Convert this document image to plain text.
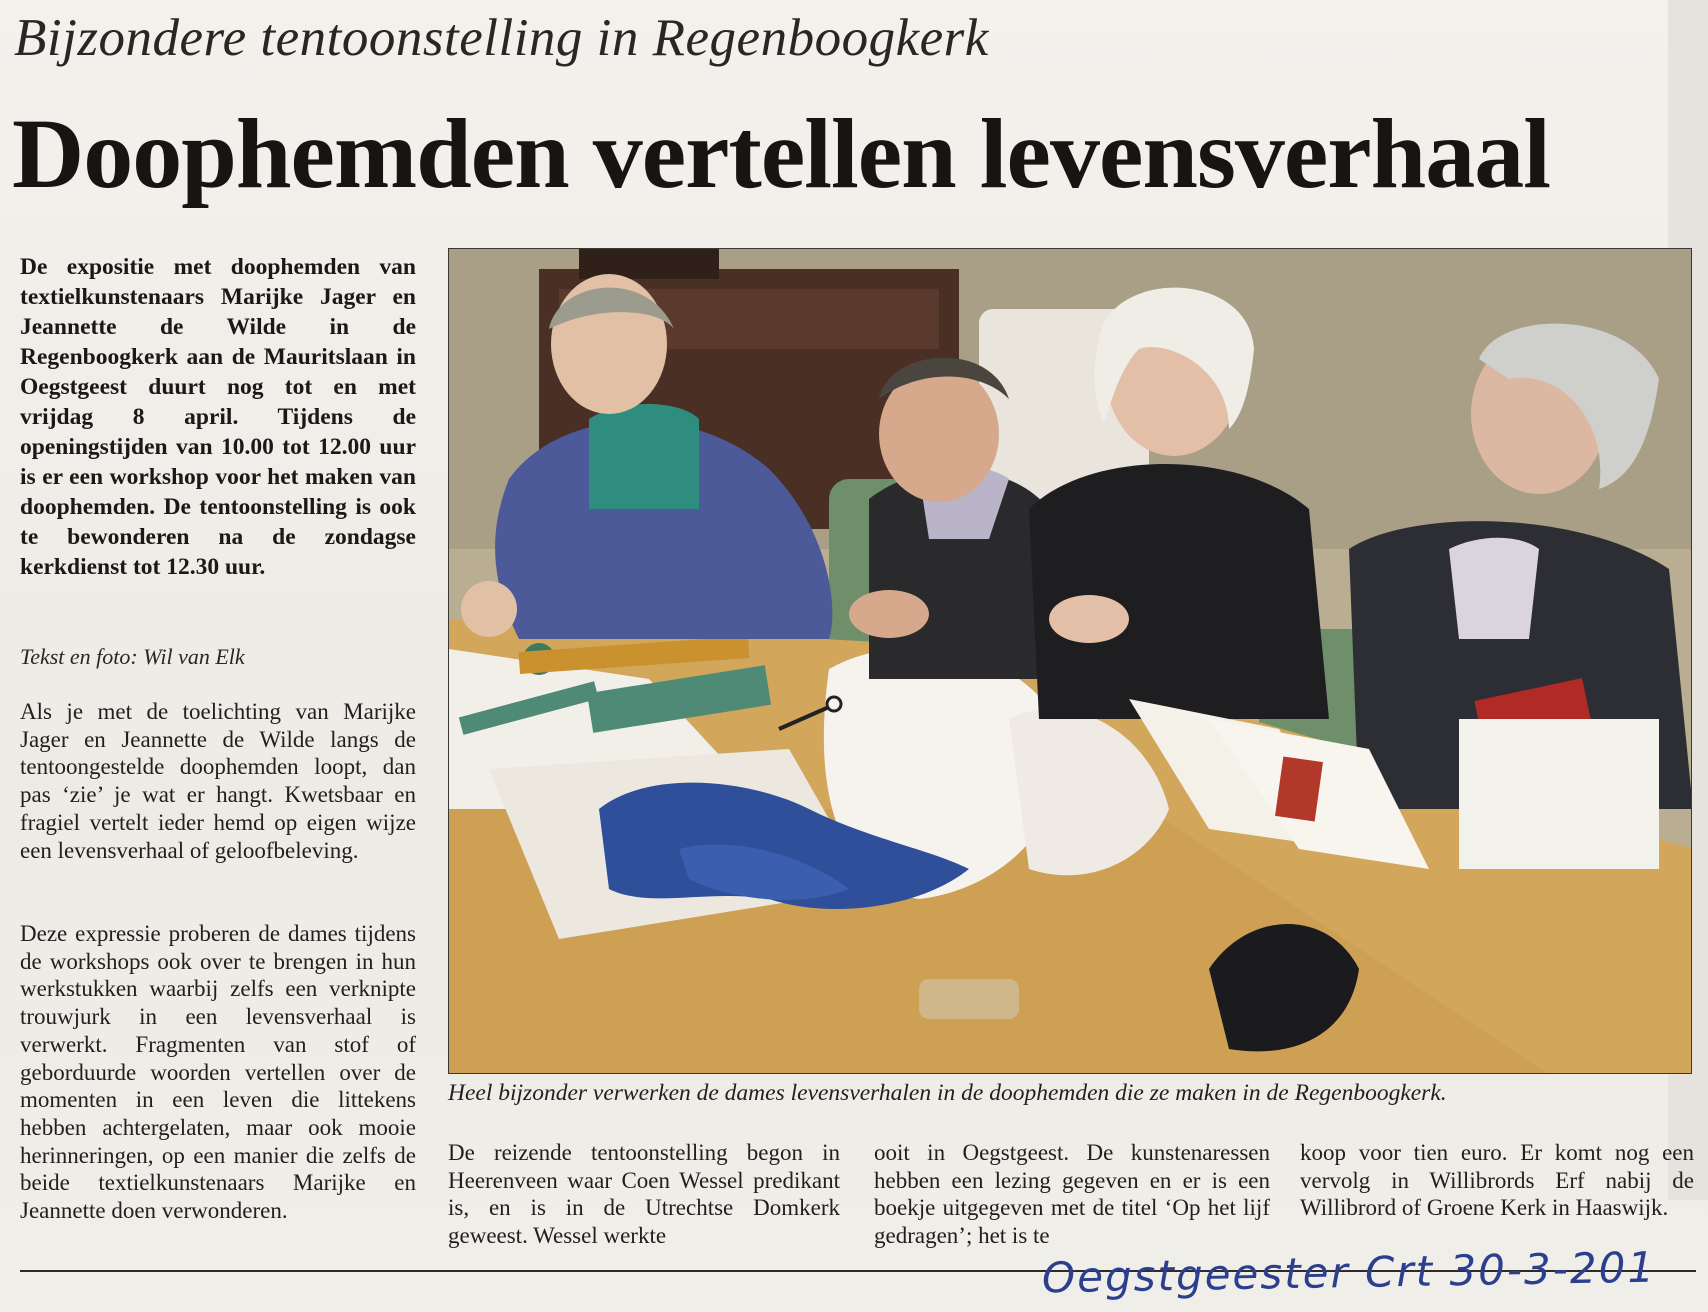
Bijzondere tentoonstelling in Regenboogkerk
Doophemden vertellen levensverhaal

De expositie met doophemden van textielkunstenaars Marijke Jager en Jeannette de Wilde in de Regenboogkerk aan de Mauritslaan in Oegstgeest duurt nog tot en met vrijdag 8 april. Tijdens de openingstijden van 10.00 tot 12.00 uur is er een workshop voor het maken van doophemden. De tentoonstelling is ook te bewonderen na de zondagse kerkdienst tot 12.30 uur.

Tekst en foto: Wil van Elk

Als je met de toelichting van Marijke Jager en Jeannette de Wilde langs de tentoongestelde doophemden loopt, dan pas ‘zie’ je wat er hangt. Kwetsbaar en fragiel vertelt ieder hemd op eigen wijze een levensverhaal of geloofbeleving.

Deze expressie proberen de dames tijdens de workshops ook over te brengen in hun werkstukken waarbij zelfs een verknipte trouwjurk in een levensverhaal is verwerkt. Fragmenten van stof of geborduurde woorden vertellen over de momenten in een leven die littekens hebben achtergelaten, maar ook mooie herinneringen, op een manier die zelfs de beide textielkunstenaars Marijke en Jeannette doen verwonderen.

Heel bijzonder verwerken de dames levensverhalen in de doophemden die ze maken in de Regenboogkerk.

De reizende tentoonstelling begon in Heerenveen waar Coen Wessel predikant is, en is in de Utrechtse Domkerk geweest. Wessel werkte

ooit in Oegstgeest. De kunstenaressen hebben een lezing gegeven en er is een boekje uitgegeven met de titel ‘Op het lijf gedragen’; het is te

koop voor tien euro. Er komt nog een vervolg in Willibrords Erf nabij de Willibrord of Groene Kerk in Haaswijk.

Oegstgeester Crt 30-3-201
